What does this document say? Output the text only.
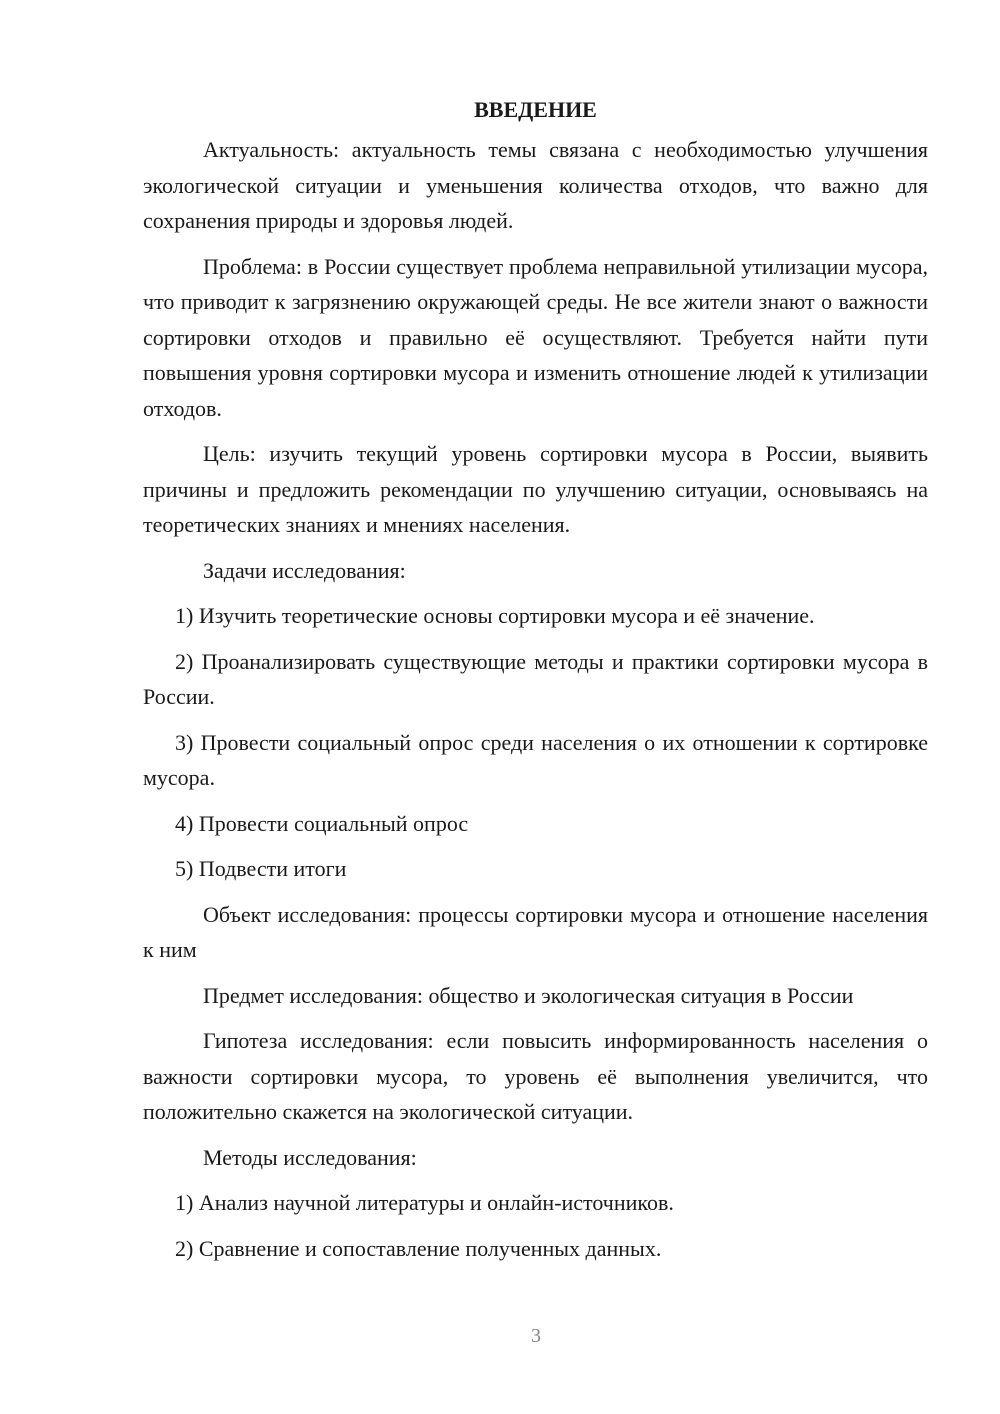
ВВЕДЕНИЕ

Актуальность: актуальность темы связана с необходимостью улучшения экологической ситуации и уменьшения количества отходов, что важно для сохранения природы и здоровья людей.

Проблема: в России существует проблема неправильной утилизации мусора, что приводит к загрязнению окружающей среды. Не все жители знают о важности сортировки отходов и правильно её осуществляют. Требуется найти пути повышения уровня сортировки мусора и изменить отношение людей к утилизации отходов.

Цель: изучить текущий уровень сортировки мусора в России, выявить причины и предложить рекомендации по улучшению ситуации, основываясь на теоретических знаниях и мнениях населения.

Задачи исследования:

1) Изучить теоретические основы сортировки мусора и её значение.

2) Проанализировать существующие методы и практики сортировки мусора в России.

3) Провести социальный опрос среди населения о их отношении к сортировке мусора.

4) Провести социальный опрос

5) Подвести итоги

Объект исследования: процессы сортировки мусора и отношение населения к ним

Предмет исследования: общество и экологическая ситуация в России

Гипотеза исследования: если повысить информированность населения о важности сортировки мусора, то уровень её выполнения увеличится, что положительно скажется на экологической ситуации.

Методы исследования:

1) Анализ научной литературы и онлайн-источников.

2) Сравнение и сопоставление полученных данных.

3
